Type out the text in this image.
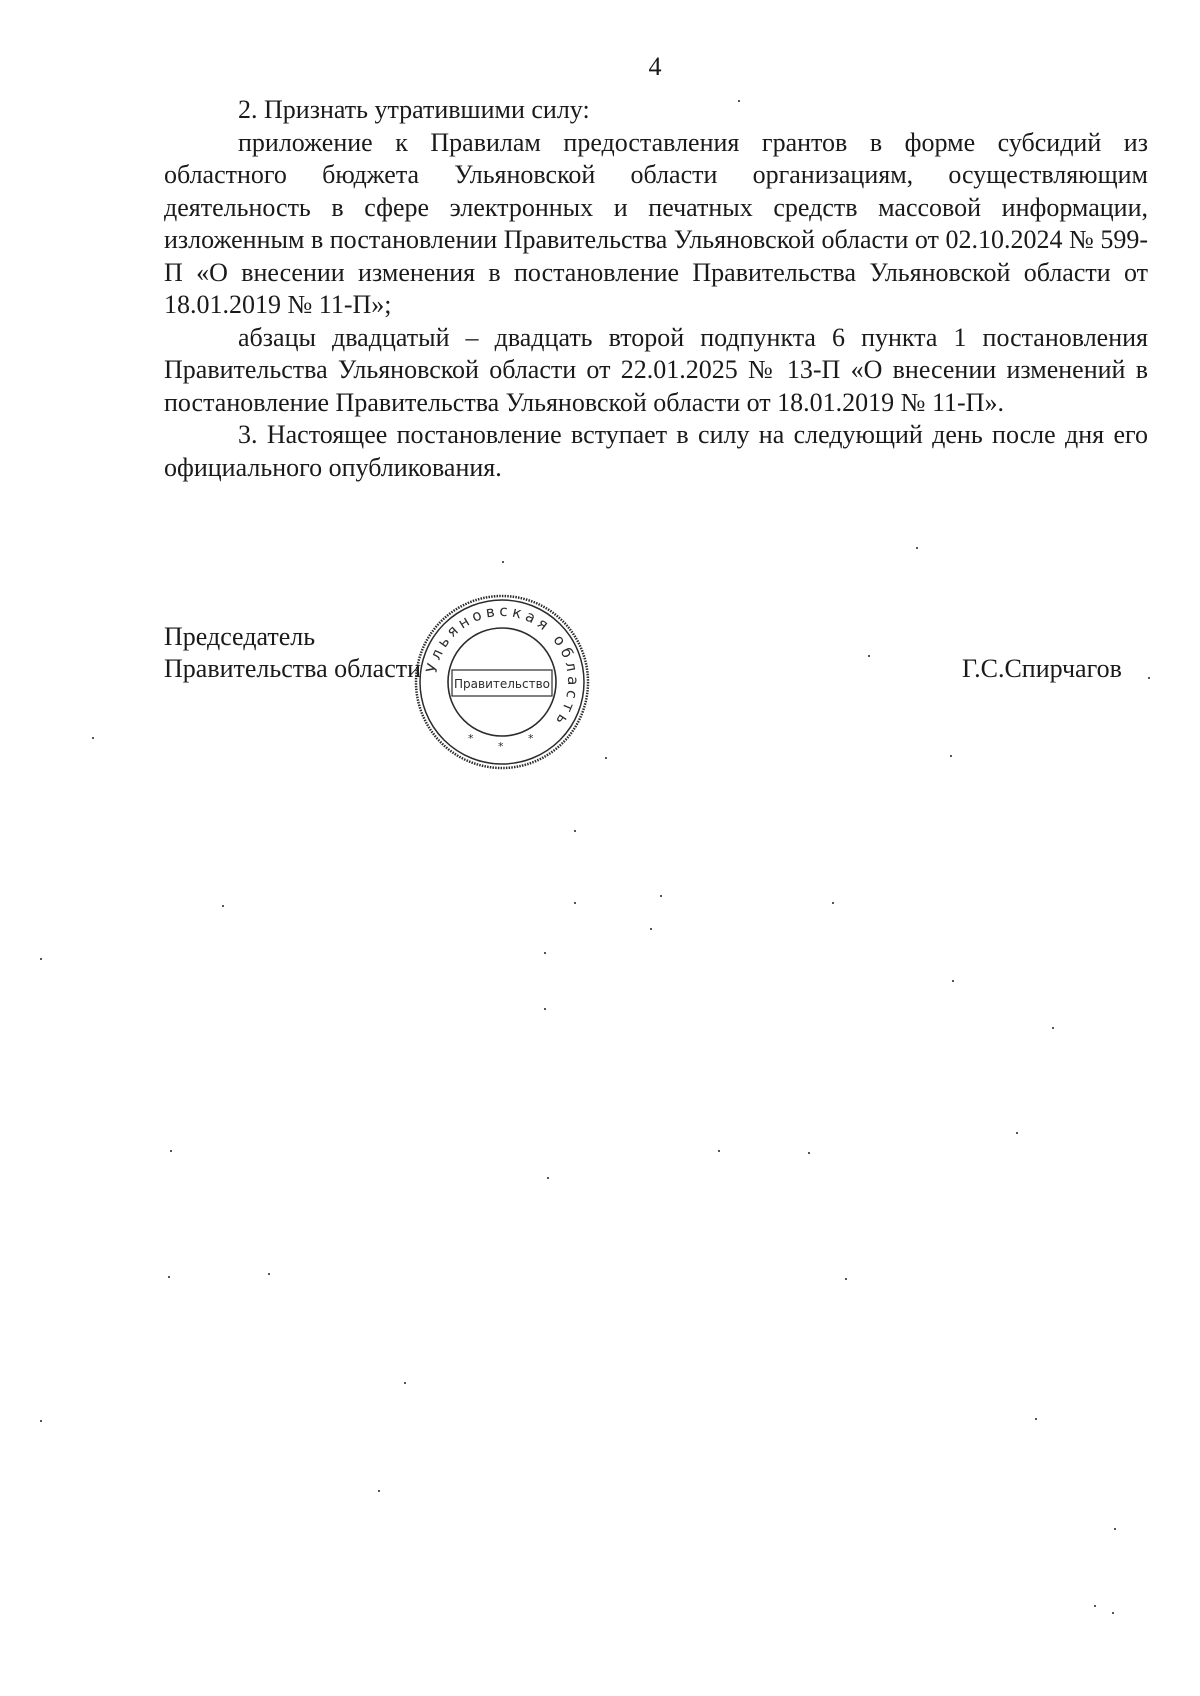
4

2. Признать утратившими силу:

приложение к Правилам предоставления грантов в форме субсидий из областного бюджета Ульяновской области организациям, осуществляющим деятельность в сфере электронных и печатных средств массовой информации, изложенным в постановлении Правительства Ульяновской области от 02.10.2024 № 599-П «О внесении изменения в постановление Правительства Ульяновской области от 18.01.2019 № 11-П»;

абзацы двадцатый – двадцать второй подпункта 6 пункта 1 постановления Правительства Ульяновской области от 22.01.2025 № 13-П «О внесении изменений в постановление Правительства Ульяновской области от 18.01.2019 № 11-П».

3. Настоящее постановление вступает в силу на следующий день после дня его официального опубликования.

Председатель
Правительства области	Г.С.Спирчагов
Ульяновская область
Правительство
*
*
*
